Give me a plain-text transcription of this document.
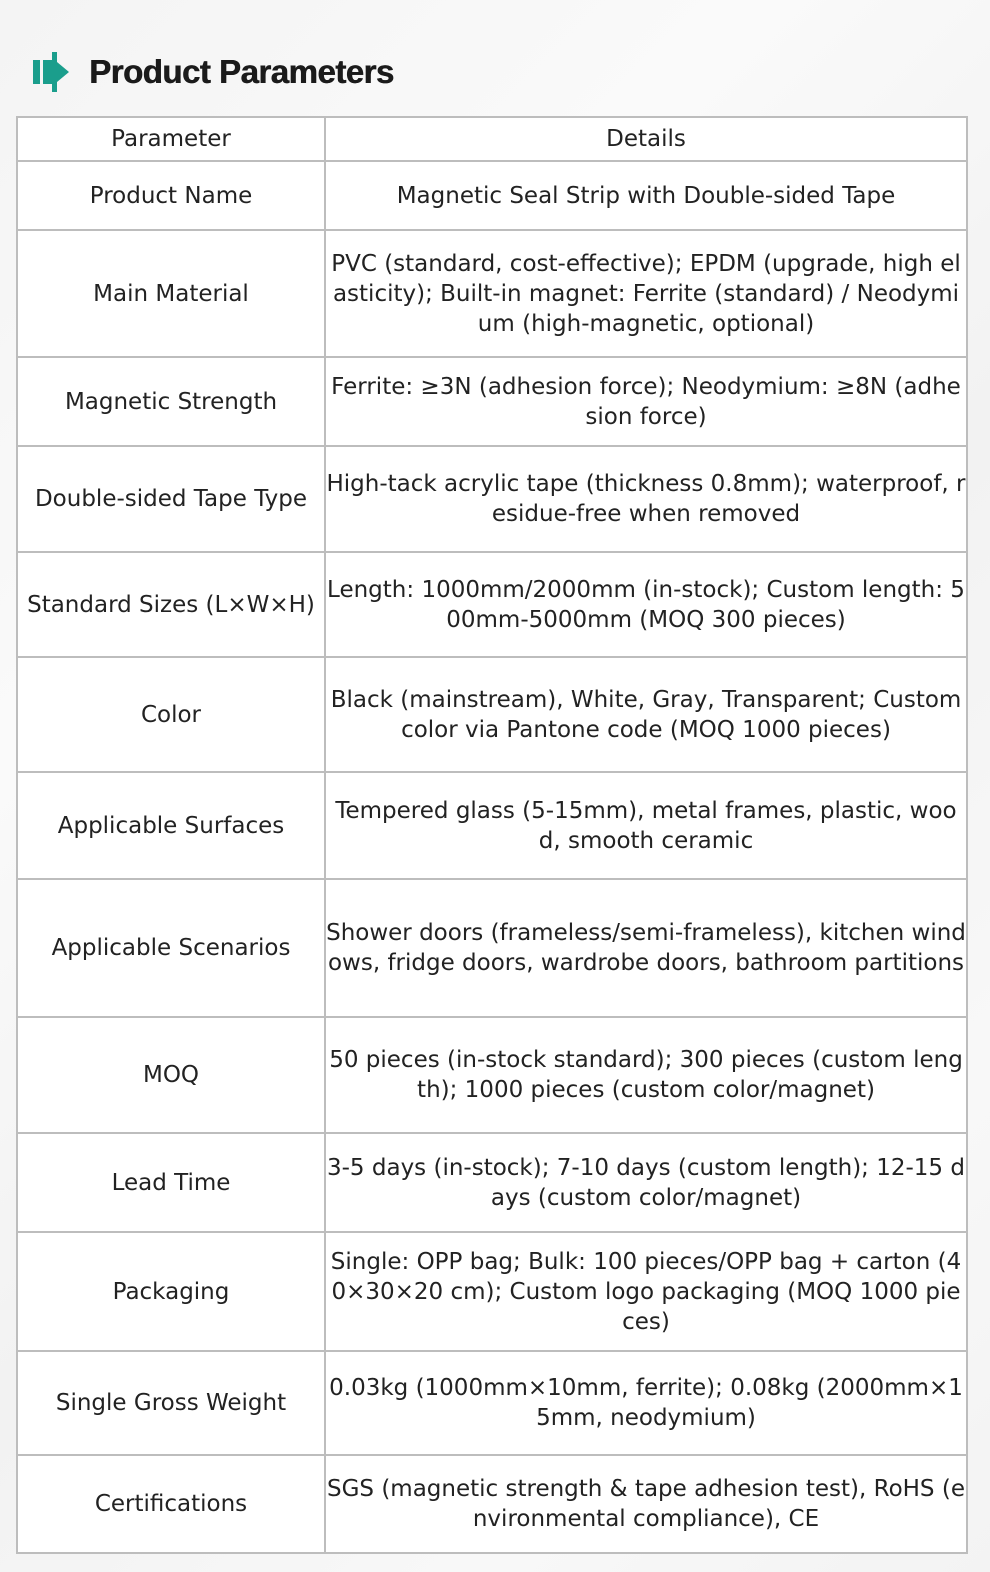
Product Parameters
Parameter	Details
Product Name	Magnetic Seal Strip with Double-sided Tape
Main Material	PVC (standard, cost-effective); EPDM (upgrade, high elasticity); Built-in magnet: Ferrite (standard) / Neodymium (high-magnetic, optional)
Magnetic Strength	Ferrite: ≥3N (adhesion force); Neodymium: ≥8N (adhesion force)
Double-sided Tape Type	High-tack acrylic tape (thickness 0.8mm); waterproof, residue-free when removed
Standard Sizes (L×W×H)	Length: 1000mm/2000mm (in-stock); Custom length: 500mm-5000mm (MOQ 300 pieces)
Color	Black (mainstream), White, Gray, Transparent; Custom color via Pantone code (MOQ 1000 pieces)
Applicable Surfaces	Tempered glass (5-15mm), metal frames, plastic, wood, smooth ceramic
Applicable Scenarios	Shower doors (frameless/semi-frameless), kitchen windows, fridge doors, wardrobe doors, bathroom partitions
MOQ	50 pieces (in-stock standard); 300 pieces (custom length); 1000 pieces (custom color/magnet)
Lead Time	3-5 days (in-stock); 7-10 days (custom length); 12-15 days (custom color/magnet)
Packaging	Single: OPP bag; Bulk: 100 pieces/OPP bag + carton (40×30×20 cm); Custom logo packaging (MOQ 1000 pieces)
Single Gross Weight	0.03kg (1000mm×10mm, ferrite); 0.08kg (2000mm×15mm, neodymium)
Certifications	SGS (magnetic strength & tape adhesion test), RoHS (environmental compliance), CE
